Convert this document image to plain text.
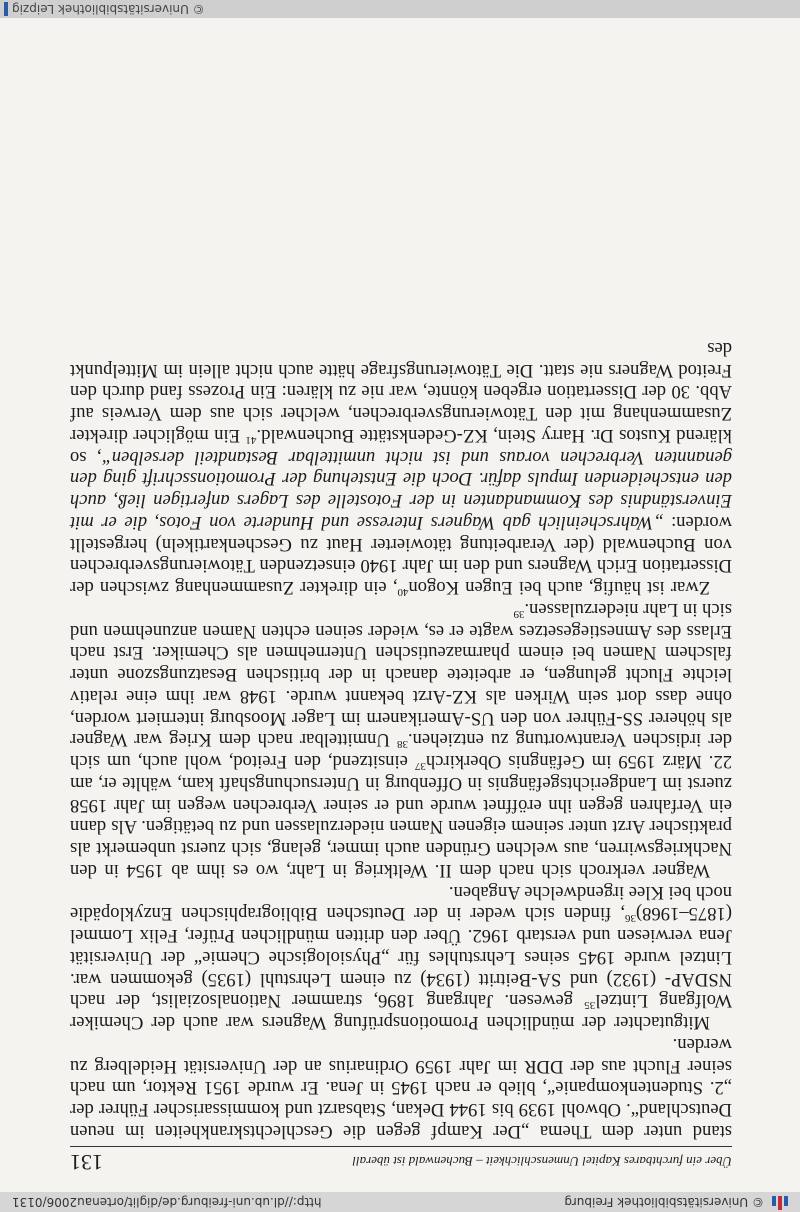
© Universitätsbibliothek Freiburg
http://dl.ub.uni-freiburg.de/diglit/ortenau2006/0131
Über ein furchtbares Kapitel Unmenschlichkeit – Buchenwald ist überall
131

stand unter dem Thema „Der Kampf gegen die Geschlechtskrankheiten im neuen Deutschland“. Obwohl 1939 bis 1944 Dekan, Stabsarzt und kommissarischer Führer der „2. Studentenkompanie“, blieb er nach 1945 in Jena. Er wurde 1951 Rektor, um nach seiner Flucht aus der DDR im Jahr 1959 Ordinarius an der Universität Heidelberg zu werden.

Mitgutachter der mündlichen Promotionsprüfung Wagners war auch der Chemiker Wolfgang Lintzel$^{35}$ gewesen. Jahrgang 1896, strammer Nationalsozialist, der nach NSDAP- (1932) und SA-Beitritt (1934) zu einem Lehrstuhl (1935) gekommen war. Lintzel wurde 1945 seines Lehrstuhles für „Physiologische Chemie“ der Universität Jena verwiesen und verstarb 1962. Über den dritten mündlichen Prüfer, Felix Lommel (1875–1968)$^{36}$, finden sich weder in der Deutschen Bibliographischen Enzyklopädie noch bei Klee irgendwelche Angaben.

Wagner verkroch sich nach dem II. Weltkrieg in Lahr, wo es ihm ab 1954 in den Nachkriegswirren, aus welchen Gründen auch immer, gelang, sich zuerst unbemerkt als praktischer Arzt unter seinem eigenen Namen niederzulassen und zu betätigen. Als dann ein Verfahren gegen ihn eröffnet wurde und er seiner Verbrechen wegen im Jahr 1958 zuerst im Landgerichtsgefängnis in Offenburg in Untersuchungshaft kam, wählte er, am 22. März 1959 im Gefängnis Oberkirch$^{37}$ einsitzend, den Freitod, wohl auch, um sich der irdischen Verantwortung zu entziehen.$^{38}$ Unmittelbar nach dem Krieg war Wagner als höherer SS-Führer von den US-Amerikanern im Lager Moosburg interniert worden, ohne dass dort sein Wirken als KZ-Arzt bekannt wurde. 1948 war ihm eine relativ leichte Flucht gelungen, er arbeitete danach in der britischen Besatzungszone unter falschem Namen bei einem pharmazeutischen Unternehmen als Chemiker. Erst nach Erlass des Amnestiegesetzes wagte er es, wieder seinen echten Namen anzunehmen und sich in Lahr niederzulassen.$^{39}$

Zwar ist häufig, auch bei Eugen Kogon$^{40}$, ein direkter Zusammenhang zwischen der Dissertation Erich Wagners und den im Jahr 1940 einsetzenden Tätowierungsverbrechen von Buchenwald (der Verarbeitung tätowierter Haut zu Geschenkartikeln) hergestellt worden: „Wahrscheinlich gab Wagners Interesse und Hunderte von Fotos, die er mit Einverständnis des Kommandanten in der Fotostelle des Lagers anfertigen ließ, auch den entscheidenden Impuls dafür. Doch die Entstehung der Promotionsschrift ging den genannten Verbrechen voraus und ist nicht unmittelbar Bestandteil derselben“, so klärend Kustos Dr. Harry Stein, KZ-Gedenkstätte Buchenwald.$^{41}$ Ein möglicher direkter Zusammenhang mit den Tätowierungsverbrechen, welcher sich aus dem Verweis auf Abb. 30 der Dissertation ergeben könnte, war nie zu klären: Ein Prozess fand durch den Freitod Wagners nie statt. Die Tätowierungsfrage hätte auch nicht allein im Mittelpunkt des

© Universitätsbibliothek Leipzig
